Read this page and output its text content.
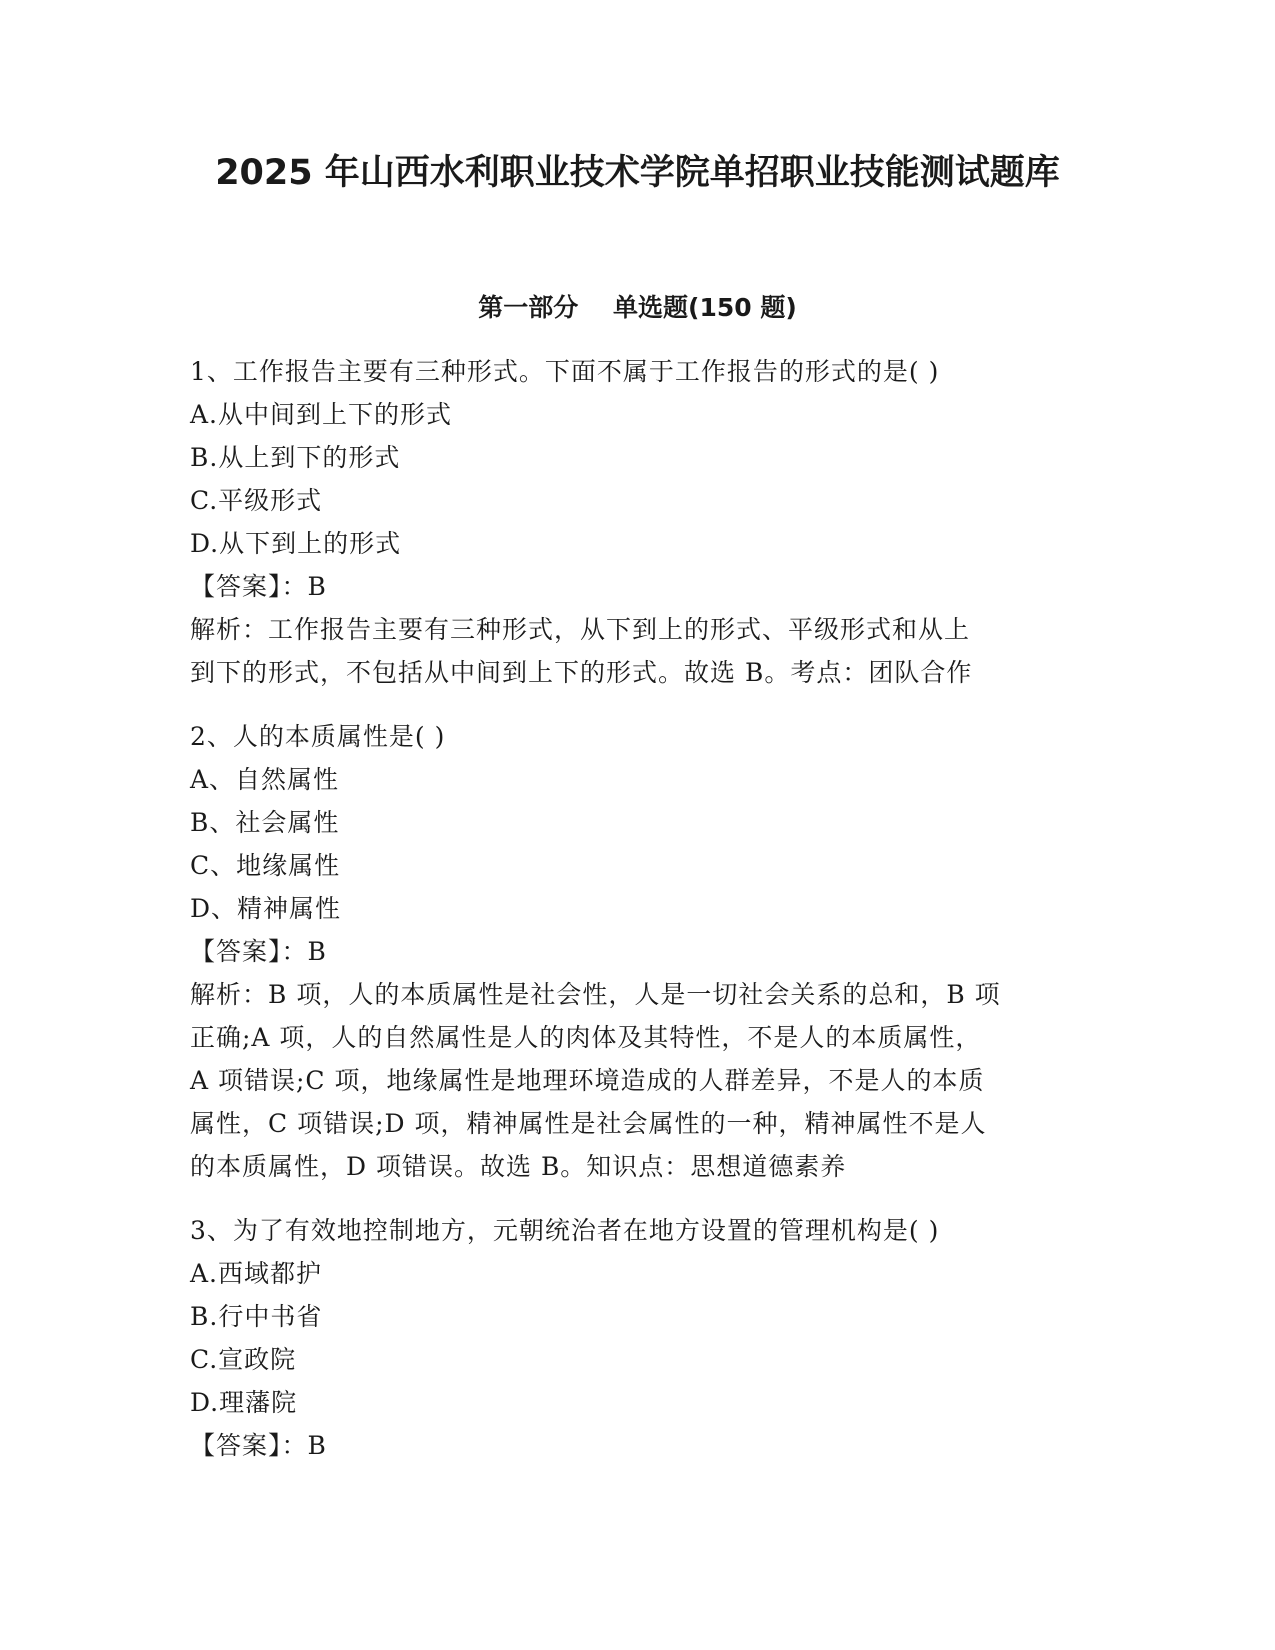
2025 年山西水利职业技术学院单招职业技能测试题库
第一部分    单选题(150 题)
1、工作报告主要有三种形式。下面不属于工作报告的形式的是( )
A.从中间到上下的形式
B.从上到下的形式
C.平级形式
D.从下到上的形式
【答案】：B
解析：工作报告主要有三种形式，从下到上的形式、平级形式和从上
到下的形式，不包括从中间到上下的形式。故选 B。考点：团队合作
2、人的本质属性是( )
A、自然属性
B、社会属性
C、地缘属性
D、精神属性
【答案】：B
解析：B 项，人的本质属性是社会性，人是一切社会关系的总和，B 项
正确;A 项，人的自然属性是人的肉体及其特性，不是人的本质属性，
A 项错误;C 项，地缘属性是地理环境造成的人群差异，不是人的本质
属性，C 项错误;D 项，精神属性是社会属性的一种，精神属性不是人
的本质属性，D 项错误。故选 B。知识点：思想道德素养
3、为了有效地控制地方，元朝统治者在地方设置的管理机构是( )
A.西域都护
B.行中书省
C.宣政院
D.理藩院
【答案】：B
